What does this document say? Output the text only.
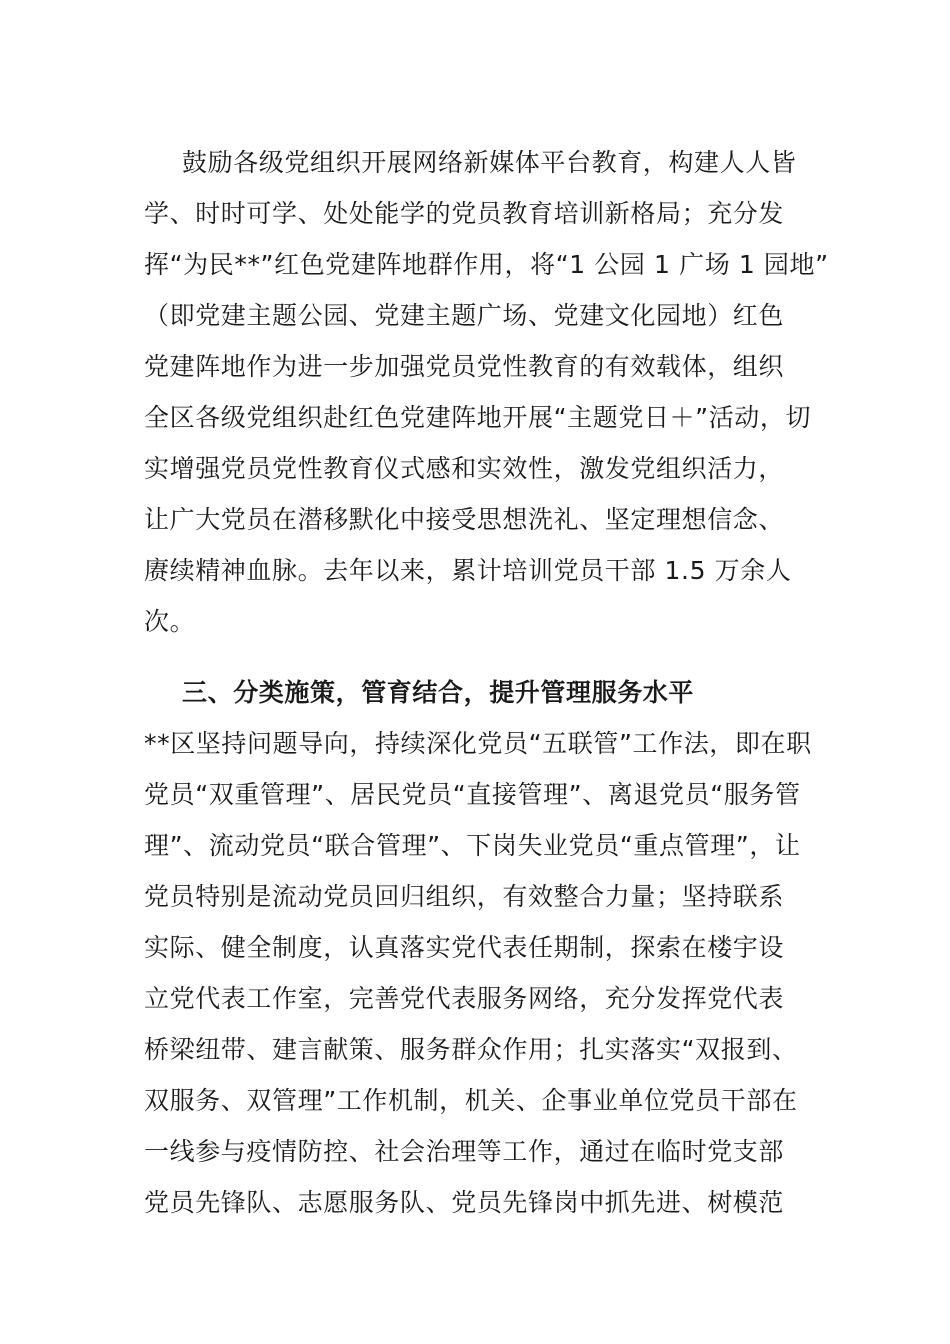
鼓励各级党组织开展网络新媒体平台教育，构建人人皆
学、时时可学、处处能学的党员教育培训新格局；充分发
挥“为民**”红色党建阵地群作用，将“1 公园 1 广场 1 园地”
（即党建主题公园、党建主题广场、党建文化园地）红色
党建阵地作为进一步加强党员党性教育的有效载体，组织
全区各级党组织赴红色党建阵地开展“主题党日＋”活动，切
实增强党员党性教育仪式感和实效性，激发党组织活力，
让广大党员在潜移默化中接受思想洗礼、坚定理想信念、
赓续精神血脉。去年以来，累计培训党员干部 1.5 万余人
次。
三、分类施策，管育结合，提升管理服务水平
**区坚持问题导向，持续深化党员“五联管”工作法，即在职
党员“双重管理”、居民党员“直接管理”、离退党员“服务管
理”、流动党员“联合管理”、下岗失业党员“重点管理”，让
党员特别是流动党员回归组织，有效整合力量；坚持联系
实际、健全制度，认真落实党代表任期制，探索在楼宇设
立党代表工作室，完善党代表服务网络，充分发挥党代表
桥梁纽带、建言献策、服务群众作用；扎实落实“双报到、
双服务、双管理”工作机制，机关、企事业单位党员干部在
一线参与疫情防控、社会治理等工作，通过在临时党支部
党员先锋队、志愿服务队、党员先锋岗中抓先进、树模范
